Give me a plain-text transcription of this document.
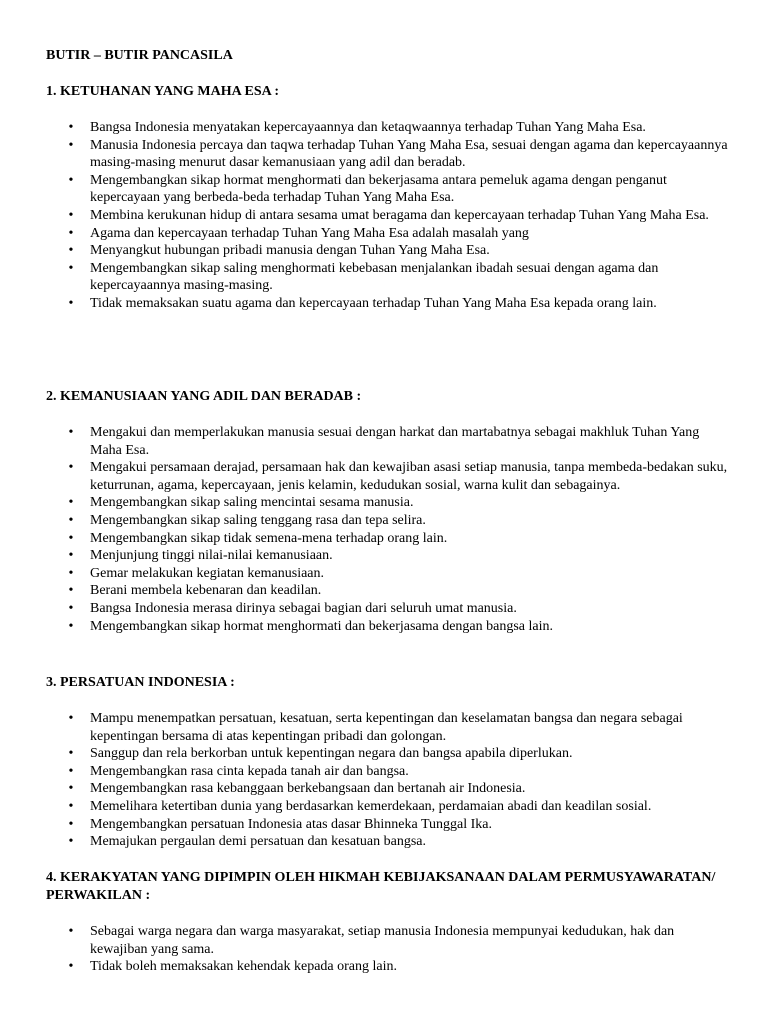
BUTIR – BUTIR PANCASILA

1. KETUHANAN YANG MAHA ESA :

• Bangsa Indonesia menyatakan kepercayaannya dan ketaqwaannya terhadap Tuhan Yang Maha Esa.
• Manusia Indonesia percaya dan taqwa terhadap Tuhan Yang Maha Esa, sesuai dengan agama dan kepercayaannya masing-masing menurut dasar kemanusiaan yang adil dan beradab.
• Mengembangkan sikap hormat menghormati dan bekerjasama antara pemeluk agama dengan penganut kepercayaan yang berbeda-beda terhadap Tuhan Yang Maha Esa.
• Membina kerukunan hidup di antara sesama umat beragama dan kepercayaan terhadap Tuhan Yang Maha Esa.
• Agama dan kepercayaan terhadap Tuhan Yang Maha Esa adalah masalah yang
• Menyangkut hubungan pribadi manusia dengan Tuhan Yang Maha Esa.
• Mengembangkan sikap saling menghormati kebebasan menjalankan ibadah sesuai dengan agama dan kepercayaannya masing-masing.
• Tidak memaksakan suatu agama dan kepercayaan terhadap Tuhan Yang Maha Esa kepada orang lain.

2. KEMANUSIAAN YANG ADIL DAN BERADAB :

• Mengakui dan memperlakukan manusia sesuai dengan harkat dan martabatnya sebagai makhluk Tuhan Yang Maha Esa.
• Mengakui persamaan derajad, persamaan hak dan kewajiban asasi setiap manusia, tanpa membeda-bedakan suku, keturrunan, agama, kepercayaan, jenis kelamin, kedudukan sosial, warna kulit dan sebagainya.
• Mengembangkan sikap saling mencintai sesama manusia.
• Mengembangkan sikap saling tenggang rasa dan tepa selira.
• Mengembangkan sikap tidak semena-mena terhadap orang lain.
• Menjunjung tinggi nilai-nilai kemanusiaan.
• Gemar melakukan kegiatan kemanusiaan.
• Berani membela kebenaran dan keadilan.
• Bangsa Indonesia merasa dirinya sebagai bagian dari seluruh umat manusia.
• Mengembangkan sikap hormat menghormati dan bekerjasama dengan bangsa lain.

3. PERSATUAN INDONESIA :

• Mampu menempatkan persatuan, kesatuan, serta kepentingan dan keselamatan bangsa dan negara sebagai kepentingan bersama di atas kepentingan pribadi dan golongan.
• Sanggup dan rela berkorban untuk kepentingan negara dan bangsa apabila diperlukan.
• Mengembangkan rasa cinta kepada tanah air dan bangsa.
• Mengembangkan rasa kebanggaan berkebangsaan dan bertanah air Indonesia.
• Memelihara ketertiban dunia yang berdasarkan kemerdekaan, perdamaian abadi dan keadilan sosial.
• Mengembangkan persatuan Indonesia atas dasar Bhinneka Tunggal Ika.
• Memajukan pergaulan demi persatuan dan kesatuan bangsa.

4. KERAKYATAN YANG DIPIMPIN OLEH HIKMAH KEBIJAKSANAAN DALAM PERMUSYAWARATAN/ PERWAKILAN :

• Sebagai warga negara dan warga masyarakat, setiap manusia Indonesia mempunyai kedudukan, hak dan kewajiban yang sama.
• Tidak boleh memaksakan kehendak kepada orang lain.
